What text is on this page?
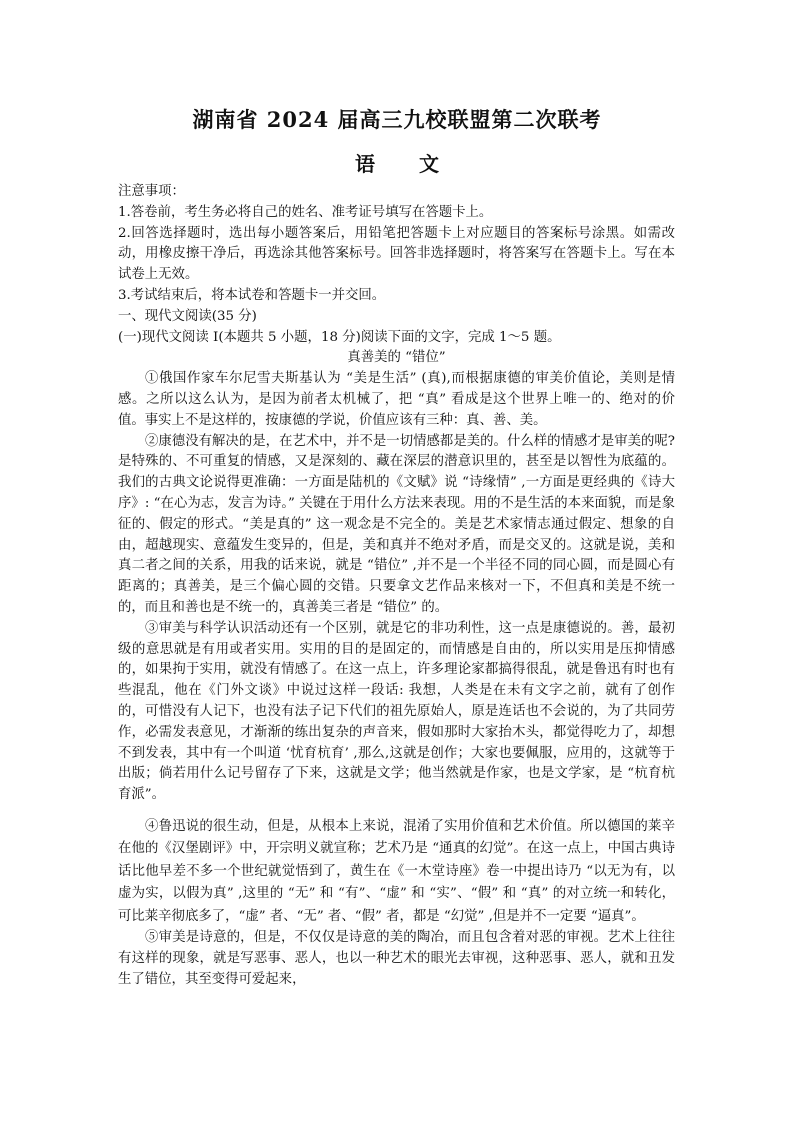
湖南省 2024 届高三九校联盟第二次联考
语 文

注意事项：

1.答卷前，考生务必将自己的姓名、准考证号填写在答题卡上。

2.回答选择题时，选出每小题答案后，用铅笔把答题卡上对应题目的答案标号涂黑。如需改动，用橡皮擦干净后，再选涂其他答案标号。回答非选择题时，将答案写在答题卡上。写在本试卷上无效。

3.考试结束后，将本试卷和答题卡一并交回。

一、现代文阅读(35 分)

(一)现代文阅读 I(本题共 5 小题，18 分)阅读下面的文字，完成 1～5 题。

真善美的 “错位”

①俄国作家车尔尼雪夫斯基认为 “美是生活” (真),而根据康德的审美价值论，美则是情感。之所以这么认为，是因为前者太机械了，把 “真” 看成是这个世界上唯一的、绝对的价值。事实上不是这样的，按康德的学说，价值应该有三种：真、善、美。

②康德没有解决的是，在艺术中，并不是一切情感都是美的。什么样的情感才是审美的呢?是特殊的、不可重复的情感，又是深刻的、藏在深层的潜意识里的，甚至是以智性为底蕴的。我们的古典文论说得更准确：一方面是陆机的《文赋》说 “诗缘情” ,一方面是更经典的《诗大序》: “在心为志，发言为诗。” 关键在于用什么方法来表现。用的不是生活的本来面貌，而是象征的、假定的形式。“美是真的” 这一观念是不完全的。美是艺术家情志通过假定、想象的自由，超越现实、意蕴发生变异的，但是，美和真并不绝对矛盾，而是交叉的。这就是说，美和真二者之间的关系，用我的话来说，就是 “错位” ,并不是一个半径不同的同心圆，而是圆心有距离的；真善美，是三个偏心圆的交错。只要拿文艺作品来核对一下，不但真和美是不统一的，而且和善也是不统一的，真善美三者是 “错位” 的。

③审美与科学认识活动还有一个区别，就是它的非功利性，这一点是康德说的。善，最初级的意思就是有用或者实用。实用的目的是固定的，而情感是自由的，所以实用是压抑情感的，如果拘于实用，就没有情感了。在这一点上，许多理论家都搞得很乱，就是鲁迅有时也有些混乱，他在《门外文谈》中说过这样一段话: 我想，人类是在未有文字之前，就有了创作的，可惜没有人记下，也没有法子记下代们的祖先原始人，原是连话也不会说的，为了共同劳作，必需发表意见，才渐渐的练出复杂的声音来，假如那时大家抬木头，都觉得吃力了，却想不到发表，其中有一个叫道 ‘忧育杭育’ ,那么,这就是创作；大家也要佩服，应用的，这就等于出版；倘若用什么记号留存了下来，这就是文学；他当然就是作家，也是文学家，是 “杭育杭育派”。

④鲁迅说的很生动，但是，从根本上来说，混淆了实用价值和艺术价值。所以德国的莱辛在他的《汉堡剧评》中，开宗明义就宣称；艺术乃是 “通真的幻觉”。在这一点上，中国古典诗话比他早差不多一个世纪就觉悟到了，黄生在《一木堂诗座》卷一中提出诗乃 “以无为有，以虚为实，以假为真” ,这里的 “无” 和 “有”、“虚” 和 “实”、“假” 和 “真” 的对立统一和转化，可比莱辛彻底多了，“虚” 者、“无” 者、“假” 者，都是 “幻觉” ,但是并不一定要 “逼真”。

⑤审美是诗意的，但是，不仅仅是诗意的美的陶冶，而且包含着对恶的审视。艺术上往往有这样的现象，就是写恶事、恶人，也以一种艺术的眼光去审视，这种恶事、恶人，就和丑发生了错位，其至变得可爱起来，
